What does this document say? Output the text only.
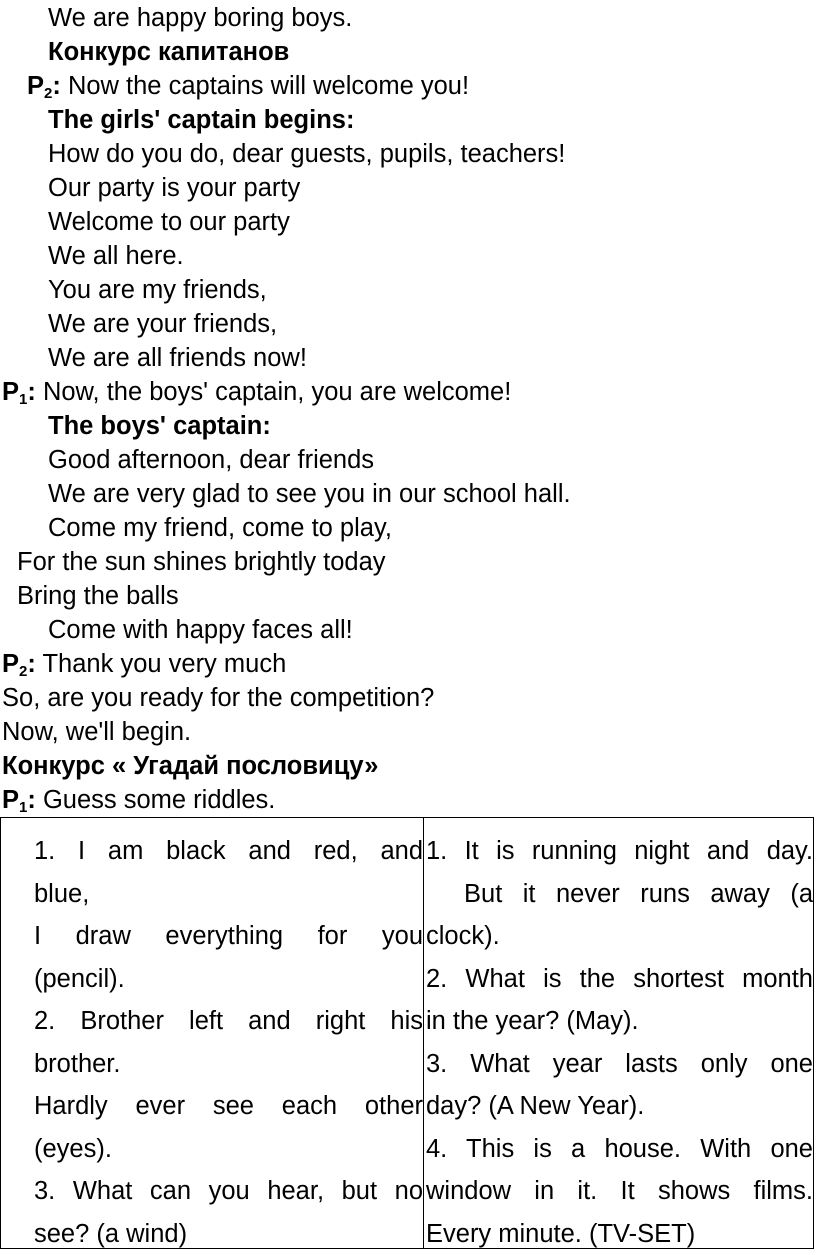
We are happy boring boys.
Конкурс капитанов
$P_2$: Now the captains will welcome you!
The girls' captain begins:
How do you do, dear guests, pupils, teachers!
Our party is your party
Welcome to our party
We all here.
You are my friends,
We are your friends,
We are all friends now!
$P_1$: Now, the boys' captain, you are welcome!
The boys' captain:
Good afternoon, dear friends
We are very glad to see you in our school hall.
Come my friend, come to play,
For the sun shines brightly today
Bring the balls
Come with happy faces all!
$P_2$: Thank you very much
So, are you ready for the competition?
Now, we'll begin.
Конкурс « Угадай пословицу»
$P_1$: Guess some riddles.
1. I am black and red, and
blue,
I draw everything for you
(pencil).
2. Brother left and right his
brother.
Hardly ever see each other
(eyes).
3. What can you hear, but no
see? (a wind)
1. It is running night and day.
But it never runs away (a
clock).
2. What is the shortest month
in the year? (May).
3. What year lasts only one
day? (A New Year).
4. This is a house. With one
window in it. It shows films.
Every minute. (TV-SET)
